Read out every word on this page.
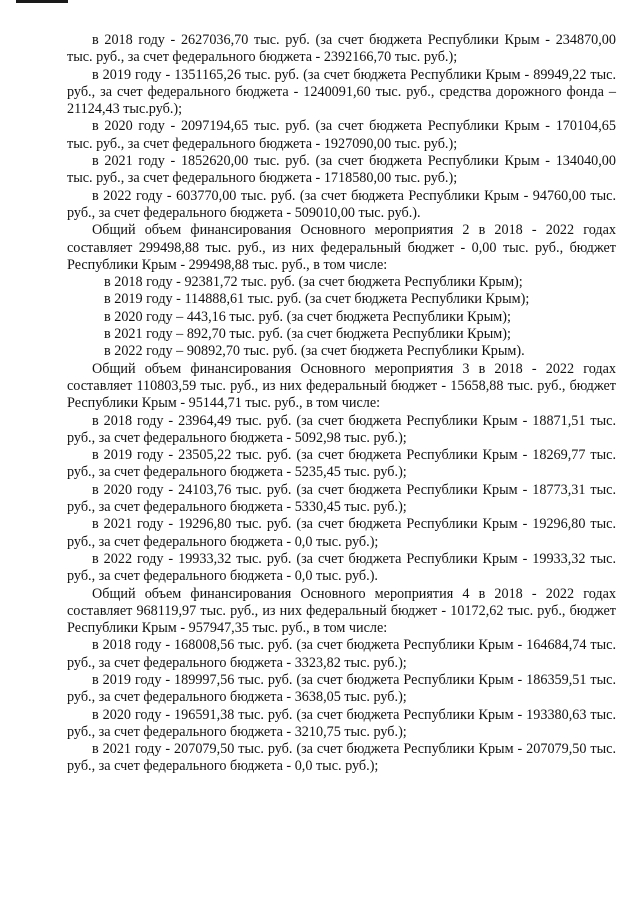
в 2018 году - 2627036,70 тыс. руб. (за счет бюджета Республики Крым - 234870,00 тыс. руб., за счет федерального бюджета - 2392166,70 тыс. руб.);

в 2019 году - 1351165,26 тыс. руб. (за счет бюджета Республики Крым - 89949,22 тыс. руб., за счет федерального бюджета - 1240091,60 тыс. руб., средства дорожного фонда – 21124,43 тыс.руб.);

в 2020 году - 2097194,65 тыс. руб. (за счет бюджета Республики Крым - 170104,65 тыс. руб., за счет федерального бюджета - 1927090,00 тыс. руб.);

в 2021 году - 1852620,00 тыс. руб. (за счет бюджета Республики Крым - 134040,00 тыс. руб., за счет федерального бюджета - 1718580,00 тыс. руб.);

в 2022 году - 603770,00 тыс. руб. (за счет бюджета Республики Крым - 94760,00 тыс. руб., за счет федерального бюджета - 509010,00 тыс. руб.).

Общий объем финансирования Основного мероприятия 2 в 2018 - 2022 годах составляет 299498,88 тыс. руб., из них федеральный бюджет - 0,00 тыс. руб., бюджет Республики Крым - 299498,88 тыс. руб., в том числе:

в 2018 году - 92381,72 тыс. руб. (за счет бюджета Республики Крым);

в 2019 году - 114888,61 тыс. руб. (за счет бюджета Республики Крым);

в 2020 году – 443,16 тыс. руб. (за счет бюджета Республики Крым);

в 2021 году – 892,70 тыс. руб. (за счет бюджета Республики Крым);

в 2022 году – 90892,70 тыс. руб. (за счет бюджета Республики Крым).

Общий объем финансирования Основного мероприятия 3 в 2018 - 2022 годах составляет 110803,59 тыс. руб., из них федеральный бюджет - 15658,88 тыс. руб., бюджет Республики Крым - 95144,71 тыс. руб., в том числе:

в 2018 году - 23964,49 тыс. руб. (за счет бюджета Республики Крым - 18871,51 тыс. руб., за счет федерального бюджета - 5092,98 тыс. руб.);

в 2019 году - 23505,22 тыс. руб. (за счет бюджета Республики Крым - 18269,77 тыс. руб., за счет федерального бюджета - 5235,45 тыс. руб.);

в 2020 году - 24103,76 тыс. руб. (за счет бюджета Республики Крым - 18773,31 тыс. руб., за счет федерального бюджета - 5330,45 тыс. руб.);

в 2021 году - 19296,80 тыс. руб. (за счет бюджета Республики Крым - 19296,80 тыс. руб., за счет федерального бюджета - 0,0 тыс. руб.);

в 2022 году - 19933,32 тыс. руб. (за счет бюджета Республики Крым - 19933,32 тыс. руб., за счет федерального бюджета - 0,0 тыс. руб.).

Общий объем финансирования Основного мероприятия 4 в 2018 - 2022 годах составляет 968119,97 тыс. руб., из них федеральный бюджет - 10172,62 тыс. руб., бюджет Республики Крым - 957947,35 тыс. руб., в том числе:

в 2018 году - 168008,56 тыс. руб. (за счет бюджета Республики Крым - 164684,74 тыс. руб., за счет федерального бюджета - 3323,82 тыс. руб.);

в 2019 году - 189997,56 тыс. руб. (за счет бюджета Республики Крым - 186359,51 тыс. руб., за счет федерального бюджета - 3638,05 тыс. руб.);

в 2020 году - 196591,38 тыс. руб. (за счет бюджета Республики Крым - 193380,63 тыс. руб., за счет федерального бюджета - 3210,75 тыс. руб.);

в 2021 году - 207079,50 тыс. руб. (за счет бюджета Республики Крым - 207079,50 тыс. руб., за счет федерального бюджета - 0,0 тыс. руб.);
